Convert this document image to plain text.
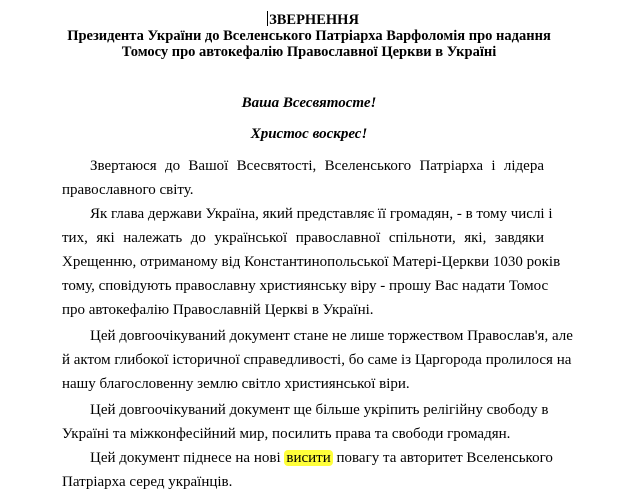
ЗВЕРНЕННЯ
Президента України до Вселенського Патріарха Варфоломія про надання
Томосу про автокефалію Православної Церкви в Україні
Ваша Всесвятосте!
Христос воскрес!
Звертаюся до Вашої Всесвятості, Вселенського Патріарха і лідера
православного світу.
Як глава держави Україна, який представляє її громадян, - в тому числі і
тих, які належать до української православної спільноти, які, завдяки
Хрещенню, отриманому від Константинопольської Матері-Церкви 1030 років
тому, сповідують православну християнську віру - прошу Вас надати Томос
про автокефалію Православній Церкві в Україні.
Цей довгоочікуваний документ стане не лише торжеством Православ'я, але
й актом глибокої історичної справедливості, бо саме із Царгорода пролилося на
нашу благословенну землю світло християнської віри.
Цей довгоочікуваний документ ще більше укріпить релігійну свободу в
Україні та міжконфесійний мир, посилить права та свободи громадян.
Цей документ піднесе на нові висити повагу та авторитет Вселенського
Патріарха серед українців.
